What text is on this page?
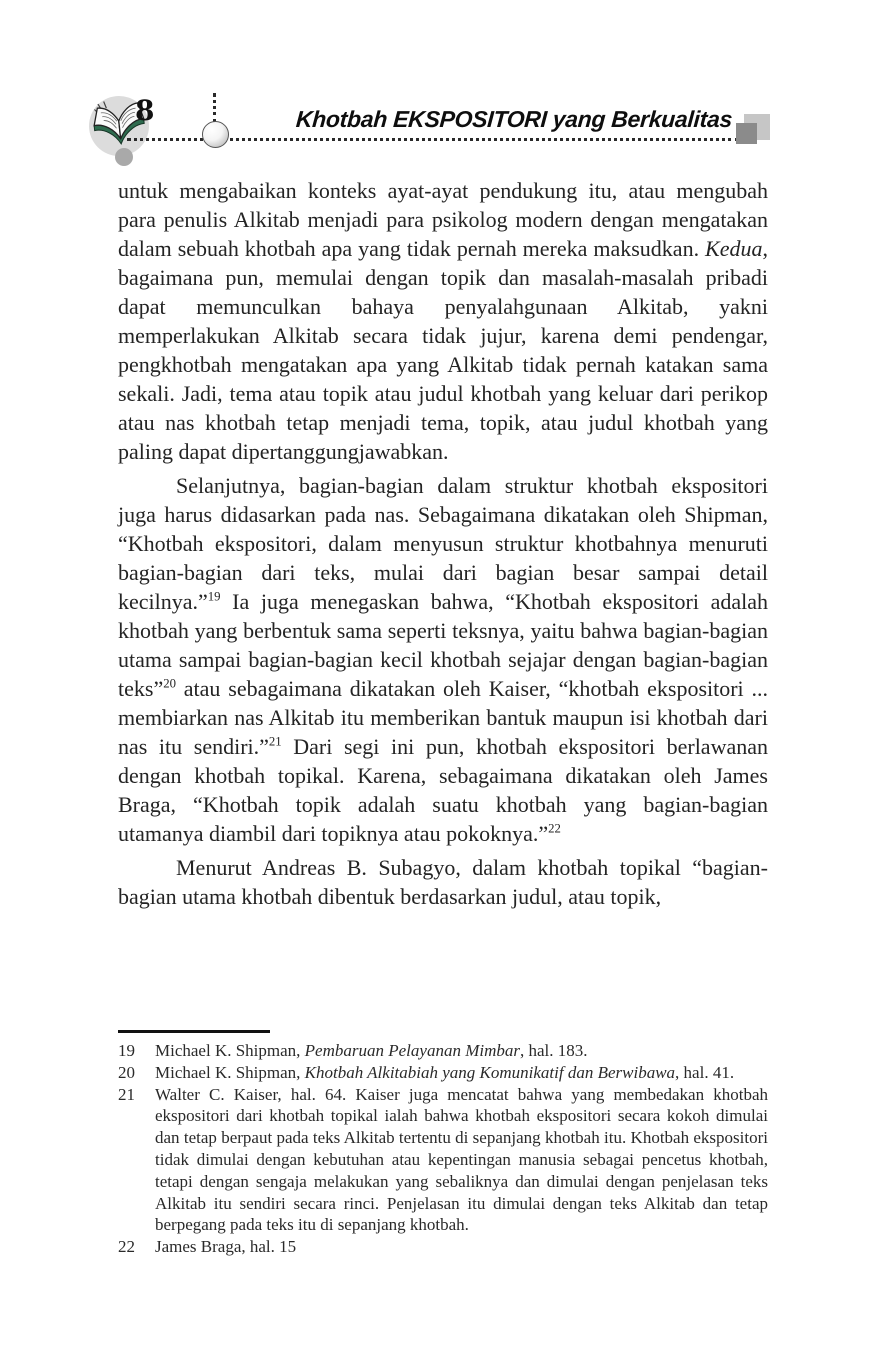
8	Khotbah EKSPOSITORI yang Berkualitas

untuk mengabaikan konteks ayat-ayat pendukung itu, atau mengubah para penulis Alkitab menjadi para psikolog modern dengan mengatakan dalam sebuah khotbah apa yang tidak pernah mereka maksudkan. Kedua, bagaimana pun, memulai dengan topik dan masalah-masalah pribadi dapat memunculkan bahaya penyalahgunaan Alkitab, yakni memperlakukan Alkitab secara tidak jujur, karena demi pendengar, pengkhotbah mengatakan apa yang Alkitab tidak pernah katakan sama sekali. Jadi, tema atau topik atau judul khotbah yang keluar dari perikop atau nas khotbah tetap menjadi tema, topik, atau judul khotbah yang paling dapat dipertanggungjawabkan.

Selanjutnya, bagian-bagian dalam struktur khotbah ekspositori juga harus didasarkan pada nas. Sebagaimana dikatakan oleh Shipman, “Khotbah ekspositori, dalam menyusun struktur khotbahnya menuruti bagian-bagian dari teks, mulai dari bagian besar sampai detail kecilnya.”$^{19}$ Ia juga menegaskan bahwa, “Khotbah ekspositori adalah khotbah yang berbentuk sama seperti teksnya, yaitu bahwa bagian-bagian utama sampai bagian-bagian kecil khotbah sejajar dengan bagian-bagian teks”$^{20}$ atau sebagaimana dikatakan oleh Kaiser, “khotbah ekspositori ... membiarkan nas Alkitab itu memberikan bantuk maupun isi khotbah dari nas itu sendiri.”$^{21}$ Dari segi ini pun, khotbah ekspositori berlawanan dengan khotbah topikal. Karena, sebagaimana dikatakan oleh James Braga, “Khotbah topik adalah suatu khotbah yang bagian-bagian utamanya diambil dari topiknya atau pokoknya.”$^{22}$

Menurut Andreas B. Subagyo, dalam khotbah topikal “bagian-bagian utama khotbah dibentuk berdasarkan judul, atau topik,

19	Michael K. Shipman, Pembaruan Pelayanan Mimbar, hal. 183.
20	Michael K. Shipman, Khotbah Alkitabiah yang Komunikatif dan Berwibawa, hal. 41.
21	Walter C. Kaiser, hal. 64. Kaiser juga mencatat bahwa yang membedakan khotbah ekspositori dari khotbah topikal ialah bahwa khotbah ekspositori secara kokoh dimulai dan tetap berpaut pada teks Alkitab tertentu di sepanjang khotbah itu. Khotbah ekspositori tidak dimulai dengan kebutuhan atau kepentingan manusia sebagai pencetus khotbah, tetapi dengan sengaja melakukan yang sebaliknya dan dimulai dengan penjelasan teks Alkitab itu sendiri secara rinci. Penjelasan itu dimulai dengan teks Alkitab dan tetap berpegang pada teks itu di sepanjang khotbah.
22	James Braga, hal. 15
